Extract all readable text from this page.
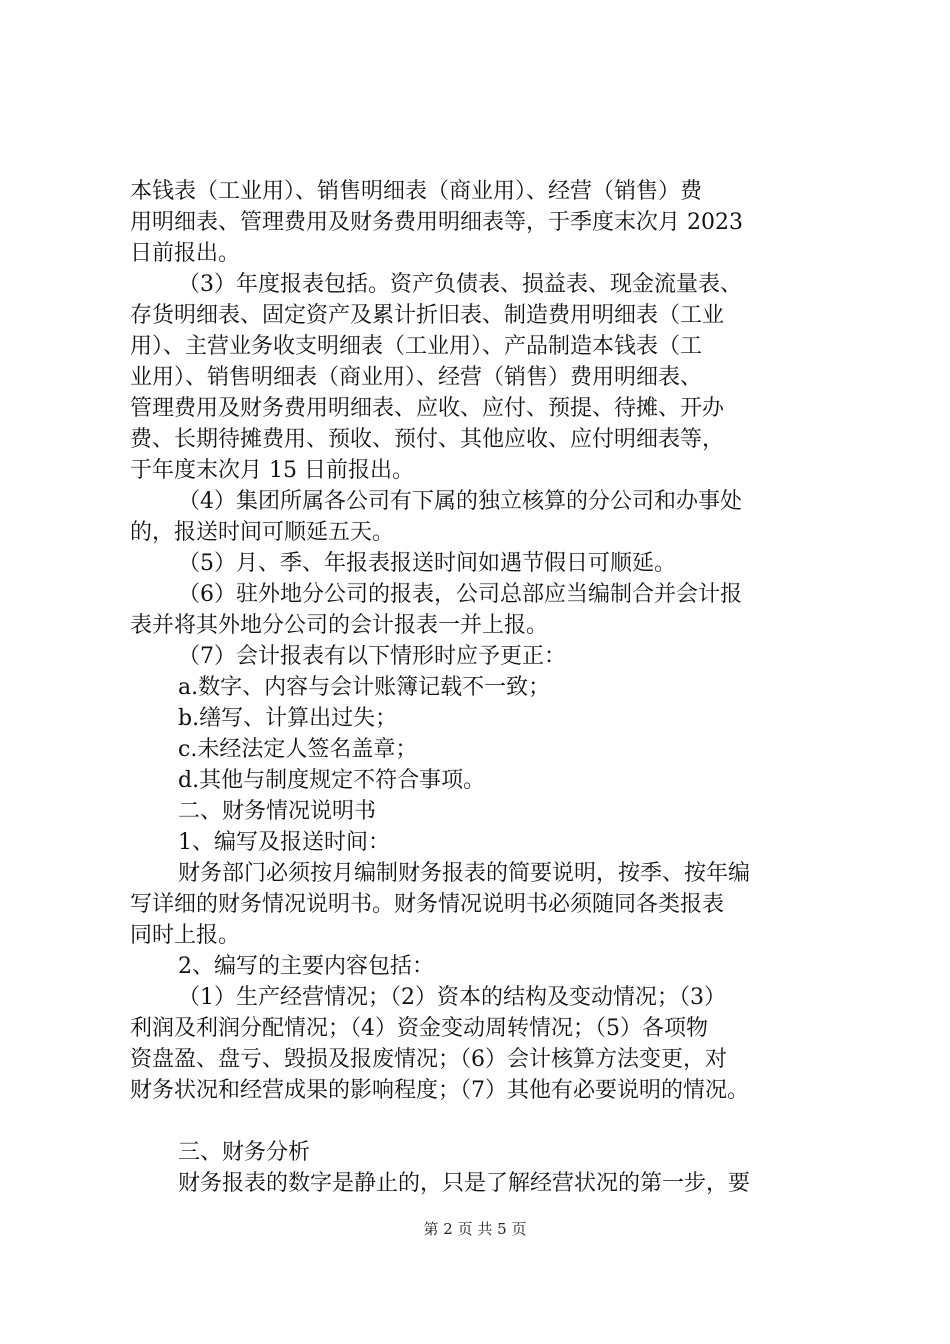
本钱表（工业用）、销售明细表（商业用）、经营（销售）费

用明细表、管理费用及财务费用明细表等，于季度末次月 2023

日前报出。

（3）年度报表包括。资产负债表、损益表、现金流量表、

存货明细表、固定资产及累计折旧表、制造费用明细表（工业

用）、主营业务收支明细表（工业用）、产品制造本钱表（工

业用）、销售明细表（商业用）、经营（销售）费用明细表、

管理费用及财务费用明细表、应收、应付、预提、待摊、开办

费、长期待摊费用、预收、预付、其他应收、应付明细表等，

于年度末次月 15 日前报出。

（4）集团所属各公司有下属的独立核算的分公司和办事处

的，报送时间可顺延五天。

（5）月、季、年报表报送时间如遇节假日可顺延。

（6）驻外地分公司的报表，公司总部应当编制合并会计报

表并将其外地分公司的会计报表一并上报。

（7）会计报表有以下情形时应予更正：

a.数字、内容与会计账簿记载不一致；

b.缮写、计算出过失；

c.未经法定人签名盖章；

d.其他与制度规定不符合事项。

二、财务情况说明书

1、编写及报送时间：

财务部门必须按月编制财务报表的简要说明，按季、按年编

写详细的财务情况说明书。财务情况说明书必须随同各类报表

同时上报。

2、编写的主要内容包括：

（1）生产经营情况；（2）资本的结构及变动情况；（3）

利润及利润分配情况；（4）资金变动周转情况；（5）各项物

资盘盈、盘亏、毁损及报废情况；（6）会计核算方法变更，对

财务状况和经营成果的影响程度；（7）其他有必要说明的情况。

三、财务分析

财务报表的数字是静止的，只是了解经营状况的第一步，要

第 2 页 共 5 页
